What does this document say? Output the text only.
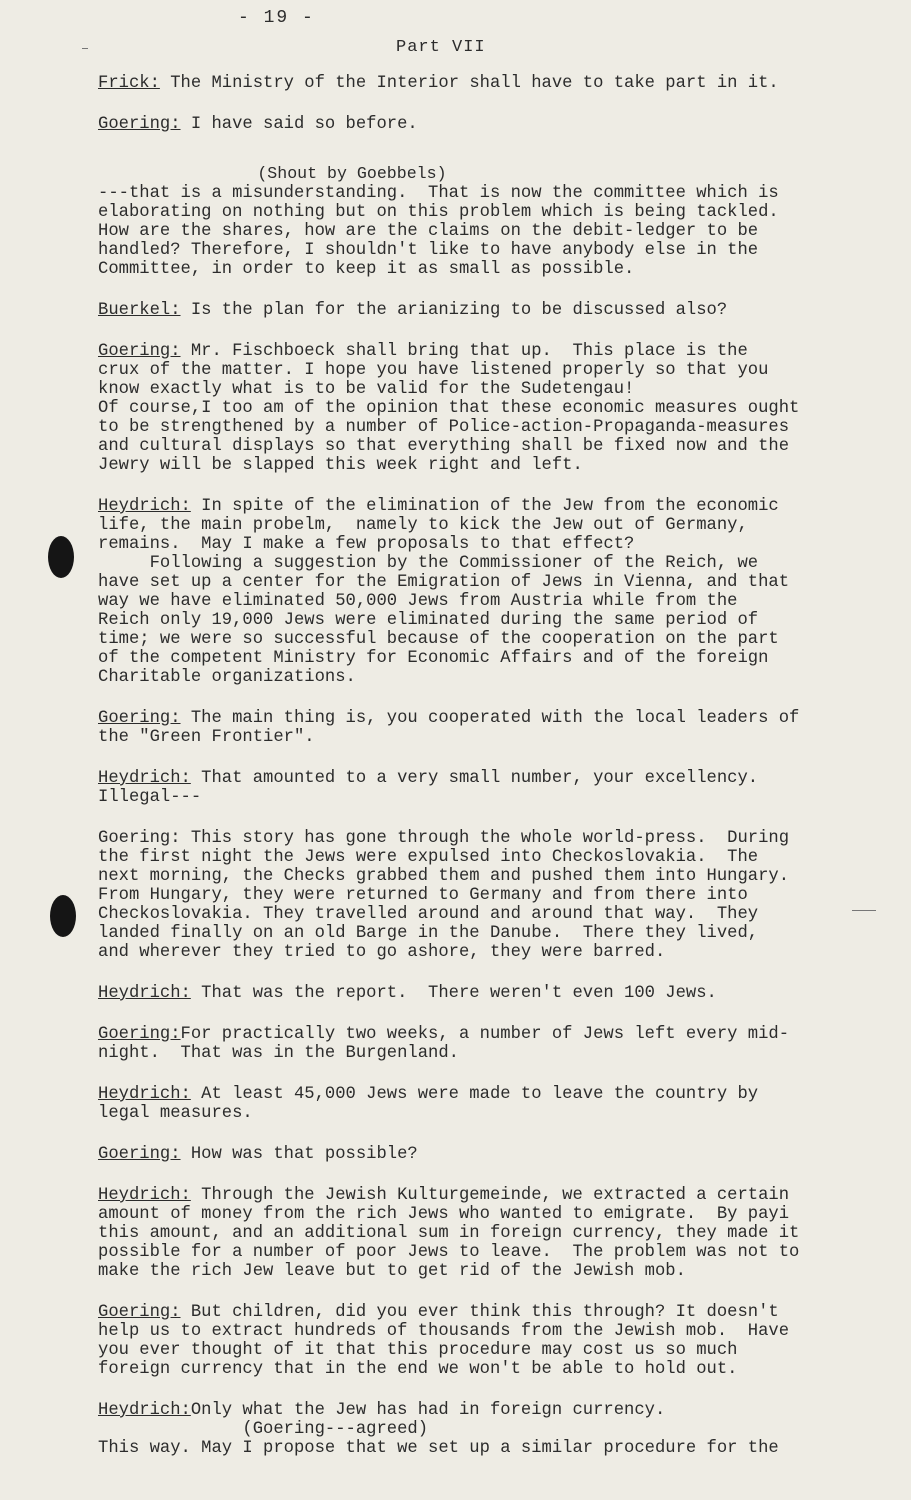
- 19 -
Part VII
Frick: The Ministry of the Interior shall have to take part in it.
Goering: I have said so before.
(Shout by Goebbels)
---that is a misunderstanding.  That is now the committee which is
elaborating on nothing but on this problem which is being tackled.
How are the shares, how are the claims on the debit-ledger to be
handled? Therefore, I shouldn't like to have anybody else in the
Committee, in order to keep it as small as possible.
Buerkel: Is the plan for the arianizing to be discussed also?
Goering: Mr. Fischboeck shall bring that up.  This place is the
crux of the matter. I hope you have listened properly so that you
know exactly what is to be valid for the Sudetengau!
Of course,I too am of the opinion that these economic measures ought
to be strengthened by a number of Police-action-Propaganda-measures
and cultural displays so that everything shall be fixed now and the
Jewry will be slapped this week right and left.
Heydrich: In spite of the elimination of the Jew from the economic
life, the main probelm,  namely to kick the Jew out of Germany,
remains.  May I make a few proposals to that effect?
Following a suggestion by the Commissioner of the Reich, we
have set up a center for the Emigration of Jews in Vienna, and that
way we have eliminated 50,000 Jews from Austria while from the
Reich only 19,000 Jews were eliminated during the same period of
time; we were so successful because of the cooperation on the part
of the competent Ministry for Economic Affairs and of the foreign
Charitable organizations.
Goering: The main thing is, you cooperated with the local leaders of
the "Green Frontier".
Heydrich: That amounted to a very small number, your excellency.
Illegal---
Goering: This story has gone through the whole world-press.  During
the first night the Jews were expulsed into Checkoslovakia.  The
next morning, the Checks grabbed them and pushed them into Hungary.
From Hungary, they were returned to Germany and from there into
Checkoslovakia. They travelled around and around that way.  They
landed finally on an old Barge in the Danube.  There they lived,
and wherever they tried to go ashore, they were barred.
Heydrich: That was the report.  There weren't even 100 Jews.
Goering:For practically two weeks, a number of Jews left every mid-
night.  That was in the Burgenland.
Heydrich: At least 45,000 Jews were made to leave the country by
legal measures.
Goering: How was that possible?
Heydrich: Through the Jewish Kulturgemeinde, we extracted a certain
amount of money from the rich Jews who wanted to emigrate.  By payi
this amount, and an additional sum in foreign currency, they made it
possible for a number of poor Jews to leave.  The problem was not to
make the rich Jew leave but to get rid of the Jewish mob.
Goering: But children, did you ever think this through? It doesn't
help us to extract hundreds of thousands from the Jewish mob.  Have
you ever thought of it that this procedure may cost us so much
foreign currency that in the end we won't be able to hold out.
Heydrich:Only what the Jew has had in foreign currency.
(Goering---agreed)
This way. May I propose that we set up a similar procedure for the
